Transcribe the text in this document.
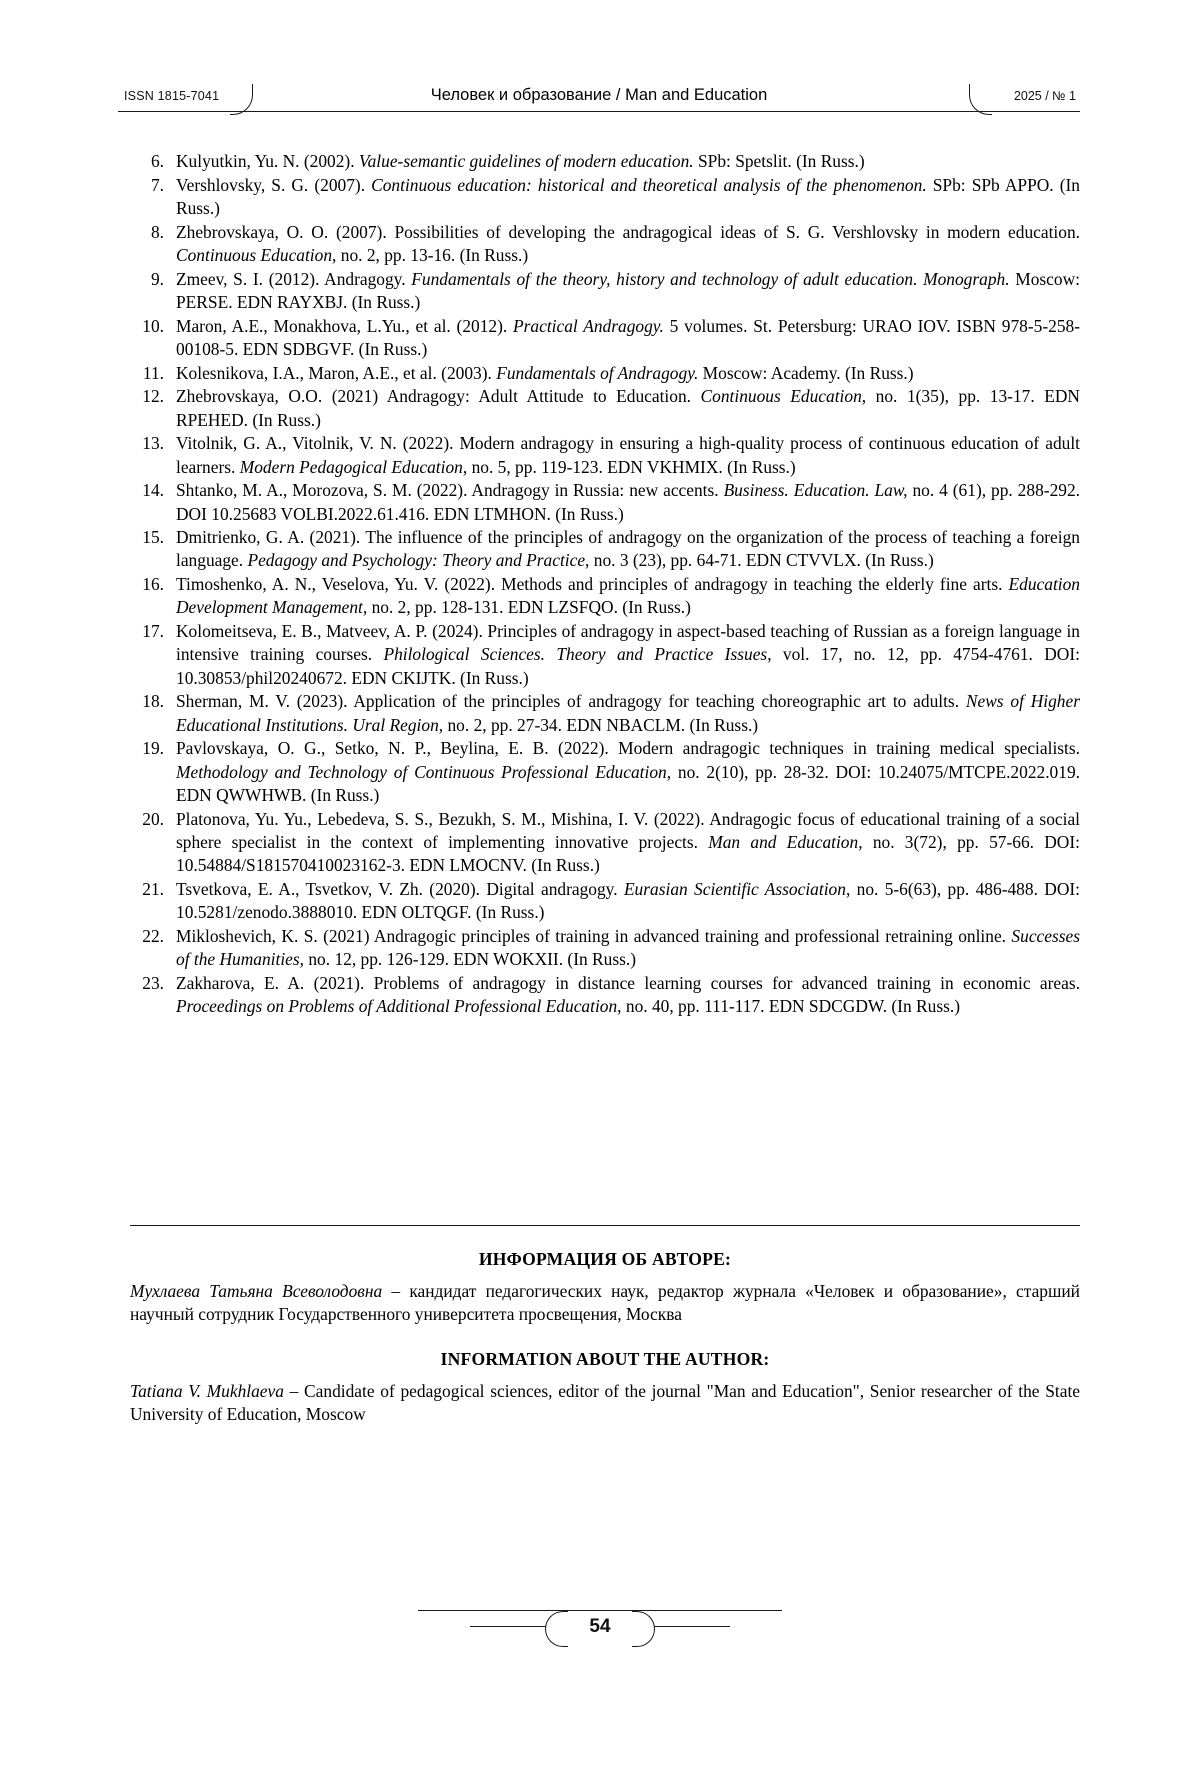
ISSN 1815-7041	Человек и образование / Man and Education	2025 / № 1
6. Kulyutkin, Yu. N. (2002). Value-semantic guidelines of modern education. SPb: Spetslit. (In Russ.)
7. Vershlovsky, S. G. (2007). Continuous education: historical and theoretical analysis of the phenomenon. SPb: SPb APPO. (In Russ.)
8. Zhebrovskaya, O. O. (2007). Possibilities of developing the andragogical ideas of S. G. Vershlovsky in modern education. Continuous Education, no. 2, pp. 13-16. (In Russ.)
9. Zmeev, S. I. (2012). Andragogy. Fundamentals of the theory, history and technology of adult education. Monograph. Moscow: PERSE. EDN RAYXBJ. (In Russ.)
10. Maron, A.E., Monakhova, L.Yu., et al. (2012). Practical Andragogy. 5 volumes. St. Petersburg: URAO IOV. ISBN 978-5-258-00108-5. EDN SDBGVF. (In Russ.)
11. Kolesnikova, I.A., Maron, A.E., et al. (2003). Fundamentals of Andragogy. Moscow: Academy. (In Russ.)
12. Zhebrovskaya, O.O. (2021) Andragogy: Adult Attitude to Education. Continuous Education, no. 1(35), pp. 13-17. EDN RPEHED. (In Russ.)
13. Vitolnik, G. A., Vitolnik, V. N. (2022). Modern andragogy in ensuring a high-quality process of continuous education of adult learners. Modern Pedagogical Education, no. 5, pp. 119-123. EDN VKHMIX. (In Russ.)
14. Shtanko, M. A., Morozova, S. M. (2022). Andragogy in Russia: new accents. Business. Education. Law, no. 4 (61), pp. 288-292. DOI 10.25683 VOLBI.2022.61.416. EDN LTMHON. (In Russ.)
15. Dmitrienko, G. A. (2021). The influence of the principles of andragogy on the organization of the process of teaching a foreign language. Pedagogy and Psychology: Theory and Practice, no. 3 (23), pp. 64-71. EDN CTVVLX. (In Russ.)
16. Timoshenko, A. N., Veselova, Yu. V. (2022). Methods and principles of andragogy in teaching the elderly fine arts. Education Development Management, no. 2, pp. 128-131. EDN LZSFQO. (In Russ.)
17. Kolomeitseva, E. B., Matveev, A. P. (2024). Principles of andragogy in aspect-based teaching of Russian as a foreign language in intensive training courses. Philological Sciences. Theory and Practice Issues, vol. 17, no. 12, pp. 4754-4761. DOI: 10.30853/phil20240672. EDN CKIJTK. (In Russ.)
18. Sherman, M. V. (2023). Application of the principles of andragogy for teaching choreographic art to adults. News of Higher Educational Institutions. Ural Region, no. 2, pp. 27-34. EDN NBACLM. (In Russ.)
19. Pavlovskaya, O. G., Setko, N. P., Beylina, E. B. (2022). Modern andragogic techniques in training medical specialists. Methodology and Technology of Continuous Professional Education, no. 2(10), pp. 28-32. DOI: 10.24075/MTCPE.2022.019. EDN QWWHWB. (In Russ.)
20. Platonova, Yu. Yu., Lebedeva, S. S., Bezukh, S. M., Mishina, I. V. (2022). Andragogic focus of educational training of a social sphere specialist in the context of implementing innovative projects. Man and Education, no. 3(72), pp. 57-66. DOI: 10.54884/S181570410023162-3. EDN LMOCNV. (In Russ.)
21. Tsvetkova, E. A., Tsvetkov, V. Zh. (2020). Digital andragogy. Eurasian Scientific Association, no. 5-6(63), pp. 486-488. DOI: 10.5281/zenodo.3888010. EDN OLTQGF. (In Russ.)
22. Mikloshevich, K. S. (2021) Andragogic principles of training in advanced training and professional retraining online. Successes of the Humanities, no. 12, pp. 126-129. EDN WOKXII. (In Russ.)
23. Zakharova, E. A. (2021). Problems of andragogy in distance learning courses for advanced training in economic areas. Proceedings on Problems of Additional Professional Education, no. 40, pp. 111-117. EDN SDCGDW. (In Russ.)
ИНФОРМАЦИЯ ОБ АВТОРЕ:
Мухлаева Татьяна Всеволодовна – кандидат педагогических наук, редактор журнала «Человек и образование», старший научный сотрудник Государственного университета просвещения, Москва
INFORMATION ABOUT THE AUTHOR:
Tatiana V. Mukhlaeva – Candidate of pedagogical sciences, editor of the journal "Man and Education", Senior researcher of the State University of Education, Moscow
54
